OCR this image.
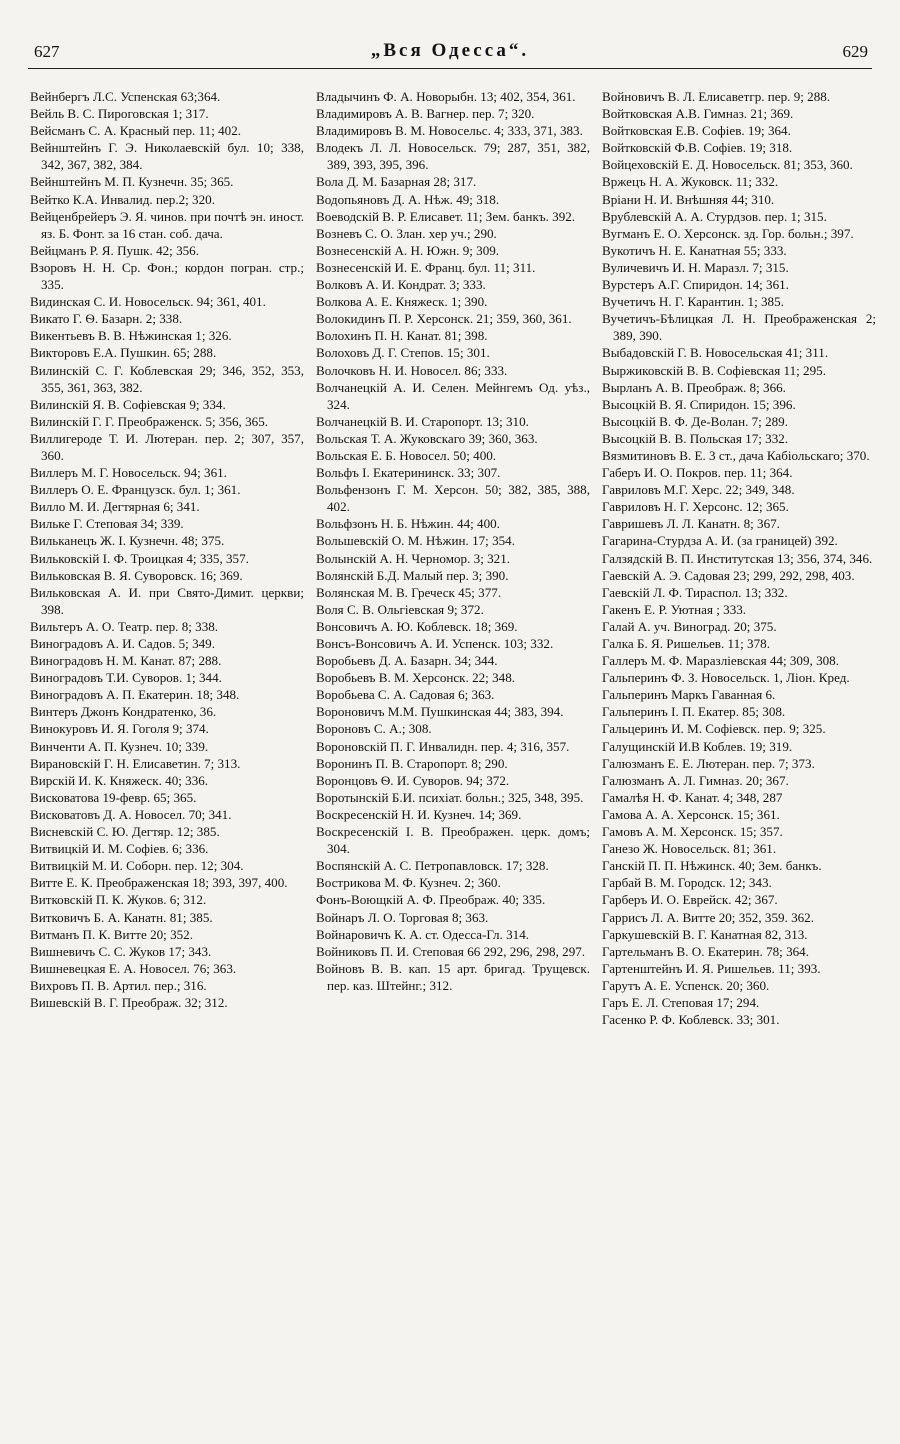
627	„Вся Одесса“.	629

Вейнбергъ Л.С. Успенская 63;364.

Вейль В. С. Пироговская 1; 317.

Вейсманъ С. А. Красный пер. 11; 402.

Вейнштейнъ Г. Э. Николаевскій бул. 10; 338, 342, 367, 382, 384.

Вейнштейнъ М. П. Кузнечн. 35; 365.

Вейтко К.А. Инвалид. пер.2; 320.

Вейценбрейеръ Э. Я. чинов. при почтѣ эн. иност. яз. Б. Фонт. за 16 стан. соб. дача.

Вейцманъ Р. Я. Пушк. 42; 356.

Взоровъ Н. Н. Ср. Фон.; кордон погран. стр.; 335.

Видинская С. И. Новосельск. 94; 361, 401.

Викато Г. Ѳ. Базарн. 2; 338.

Викентьевъ В. В. Нѣжинская 1; 326.

Викторовъ Е.А. Пушкин. 65; 288.

Вилинскій С. Г. Коблевская 29; 346, 352, 353, 355, 361, 363, 382.

Вилинскій Я. В. Софіевская 9; 334.

Вилинскій Г. Г. Преображенск. 5; 356, 365.

Виллигероде Т. И. Лютеран. пер. 2; 307, 357, 360.

Виллеръ М. Г. Новосельск. 94; 361.

Виллеръ О. Е. Французск. бул. 1; 361.

Вилло М. И. Дегтярная 6; 341.

Вильке Г. Степовая 34; 339.

Вильканецъ Ж. І. Кузнечн. 48; 375.

Вильковскій І. Ф. Троицкая 4; 335, 357.

Вильковская В. Я. Суворовск. 16; 369.

Вильковская А. И. при Свято-Димит. церкви; 398.

Вильтеръ А. О. Театр. пер. 8; 338.

Виноградовъ А. И. Садов. 5; 349.

Виноградовъ Н. М. Канат. 87; 288.

Виноградовъ Т.И. Суворов. 1; 344.

Виноградовъ А. П. Екатерин. 18; 348.

Винтеръ Джонъ Кондратенко, 36.

Винокуровъ И. Я. Гоголя 9; 374.

Винченти А. П. Кузнеч. 10; 339.

Вирановскій Г. Н. Елисаветин. 7; 313.

Вирскій И. К. Княжеск. 40; 336.

Висковатова 19-февр. 65; 365.

Висковатовъ Д. А. Новосел. 70; 341.

Висневскій С. Ю. Дегтяр. 12; 385.

Витвицкій И. М. Софіев. 6; 336.

Витвицкій М. И. Соборн. пер. 12; 304.

Витте Е. К. Преображенская 18; 393, 397, 400.

Витковскій П. К. Жуков. 6; 312.

Витковичъ Б. А. Канатн. 81; 385.

Витманъ П. К. Витте 20; 352.

Вишневичъ С. С. Жуков 17; 343.

Вишневецкая Е. А. Новосел. 76; 363.

Вихровъ П. В. Артил. пер.; 316.

Вишевскій В. Г. Преображ. 32; 312.

Владычинъ Ф. А. Новорыбн. 13; 402, 354, 361.

Владимировъ А. В. Вагнер. пер. 7; 320.

Владимировъ В. М. Новосельс. 4; 333, 371, 383.

Влодекъ Л. Л. Новосельск. 79; 287, 351, 382, 389, 393, 395, 396.

Вола Д. М. Базарная 28; 317.

Водопьяновъ Д. А. Нѣж. 49; 318.

Воеводскій В. Р. Елисавет. 11; Зем. банкъ. 392.

Возневъ С. О. Злан. хер уч.; 290.

Вознесенскій А. Н. Южн. 9; 309.

Вознесенскій И. Е. Франц. бул. 11; 311.

Волковъ А. И. Кондрат. 3; 333.

Волкова А. Е. Княжеск. 1; 390.

Волокидинъ П. Р. Херсонск. 21; 359, 360, 361.

Волохинъ П. Н. Канат. 81; 398.

Волоховъ Д. Г. Степов. 15; 301.

Волочковъ Н. И. Новосел. 86; 333.

Волчанецкій А. И. Селен. Мейнгемъ Од. уѣз., 324.

Волчанецкій В. И. Старопорт. 13; 310.

Вольская Т. А. Жуковскаго 39; 360, 363.

Вольская Е. Б. Новосел. 50; 400.

Вольфъ І. Екатерининск. 33; 307.

Вольфензонъ Г. М. Херсон. 50; 382, 385, 388, 402.

Вольфзонъ Н. Б. Нѣжин. 44; 400.

Вольшевскій О. М. Нѣжин. 17; 354.

Волынскій А. Н. Черномор. 3; 321.

Волянскій Б.Д. Малый пер. 3; 390.

Волянская М. В. Греческ 45; 377.

Воля С. В. Ольгіевская 9; 372.

Вонсовичъ А. Ю. Коблевск. 18; 369.

Вонсъ-Вонсовичъ А. И. Успенск. 103; 332.

Воробьевъ Д. А. Базарн. 34; 344.

Воробьевъ В. М. Херсонск. 22; 348.

Воробьева С. А. Садовая 6; 363.

Вороновичъ М.М. Пушкинская 44; 383, 394.

Вороновъ С. А.; 308.

Вороновскій П. Г. Инвалидн. пер. 4; 316, 357.

Воронинъ П. В. Старопорт. 8; 290.

Воронцовъ Ѳ. И. Суворов. 94; 372.

Воротынскій Б.И. психіат. больн.; 325, 348, 395.

Воскресенскій Н. И. Кузнеч. 14; 369.

Воскресенскій І. В. Преображен. церк. домъ; 304.

Воспянскій А. С. Петропавловск. 17; 328.

Вострикова М. Ф. Кузнеч. 2; 360.

Фонъ-Воющкій А. Ф. Преображ. 40; 335.

Войнаръ Л. О. Торговая 8; 363.

Войнаровичъ К. А. ст. Одесса-Гл. 314.

Войниковъ П. И. Степовая 66 292, 296, 298, 297.

Войновъ В. В. кап. 15 арт. бригад. Трущевск. пер. каз. Штейнг.; 312.

Войновичъ В. Л. Елисаветгр. пер. 9; 288.

Войтковская А.В. Гимназ. 21; 369.

Войтковская Е.В. Софіев. 19; 364.

Войтковскій Ф.В. Софіев. 19; 318.

Войцеховскій Е. Д. Новосельск. 81; 353, 360.

Вржецъ Н. А. Жуковск. 11; 332.

Вріани Н. И. Внѣшняя 44; 310.

Врублевскій А. А. Стурдзов. пер. 1; 315.

Вугманъ Е. О. Херсонск. зд. Гор. больн.; 397.

Вукотичъ Н. Е. Канатная 55; 333.

Вуличевичъ И. Н. Маразл. 7; 315.

Вурстеръ А.Г. Спиридон. 14; 361.

Вучетичъ Н. Г. Карантин. 1; 385.

Вучетичъ-Бѣлицкая Л. Н. Преображенская 2; 389, 390.

Выбадовскій Г. В. Новосельская 41; 311.

Выржиковскій В. В. Софіевская 11; 295.

Вырланъ А. В. Преображ. 8; 366.

Высоцкій В. Я. Спиридон. 15; 396.

Высоцкій В. Ф. Де-Волан. 7; 289.

Высоцкій В. В. Польская 17; 332.

Вязмитиновъ В. Е. 3 ст., дача Кабіольскаго; 370.

Габеръ И. О. Покров. пер. 11; 364.

Гавриловъ М.Г. Херс. 22; 349, 348.

Гавриловъ Н. Г. Херсонс. 12; 365.

Гавришевъ Л. Л. Канатн. 8; 367.

Гагарина-Стурдза А. И. (за границей) 392.

Галзядскій В. П. Институтская 13; 356, 374, 346.

Гаевскій А. Э. Садовая 23; 299, 292, 298, 403.

Гаевскій Л. Ф. Тираспол. 13; 332.

Гакенъ Е. Р. Уютная ; 333.

Галай А. уч. Виноград. 20; 375.

Галка Б. Я. Ришельев. 11; 378.

Галлеръ М. Ф. Маразліевская 44; 309, 308.

Гальперинъ Ф. З. Новосельск. 1, Ліон. Кред.

Гальперинъ Маркъ Гаванная 6.

Гальперинъ І. П. Екатер. 85; 308.

Гальцеринъ И. М. Софіевск. пер. 9; 325.

Галущинскій И.В Коблев. 19; 319.

Галюзманъ Е. Е. Лютеран. пер. 7; 373.

Галюзманъ А. Л. Гимназ. 20; 367.

Гамалѣя Н. Ф. Канат. 4; 348, 287

Гамова А. А. Херсонск. 15; 361.

Гамовъ А. М. Херсонск. 15; 357.

Ганезо Ж. Новосельск. 81; 361.

Ганскій П. П. Нѣжинск. 40; Зем. банкъ.

Гарбай В. М. Городск. 12; 343.

Гарберъ И. О. Еврейск. 42; 367.

Гаррисъ Л. А. Витте 20; 352, 359. 362.

Гаркушевскій В. Г. Канатная 82, 313.

Гартельманъ В. О. Екатерин. 78; 364.

Гартенштейнъ И. Я. Ришельев. 11; 393.

Гарутъ А. Е. Успенск. 20; 360.

Гаръ Е. Л. Степовая 17; 294.

Гасенко Р. Ф. Коблевск. 33; 301.
